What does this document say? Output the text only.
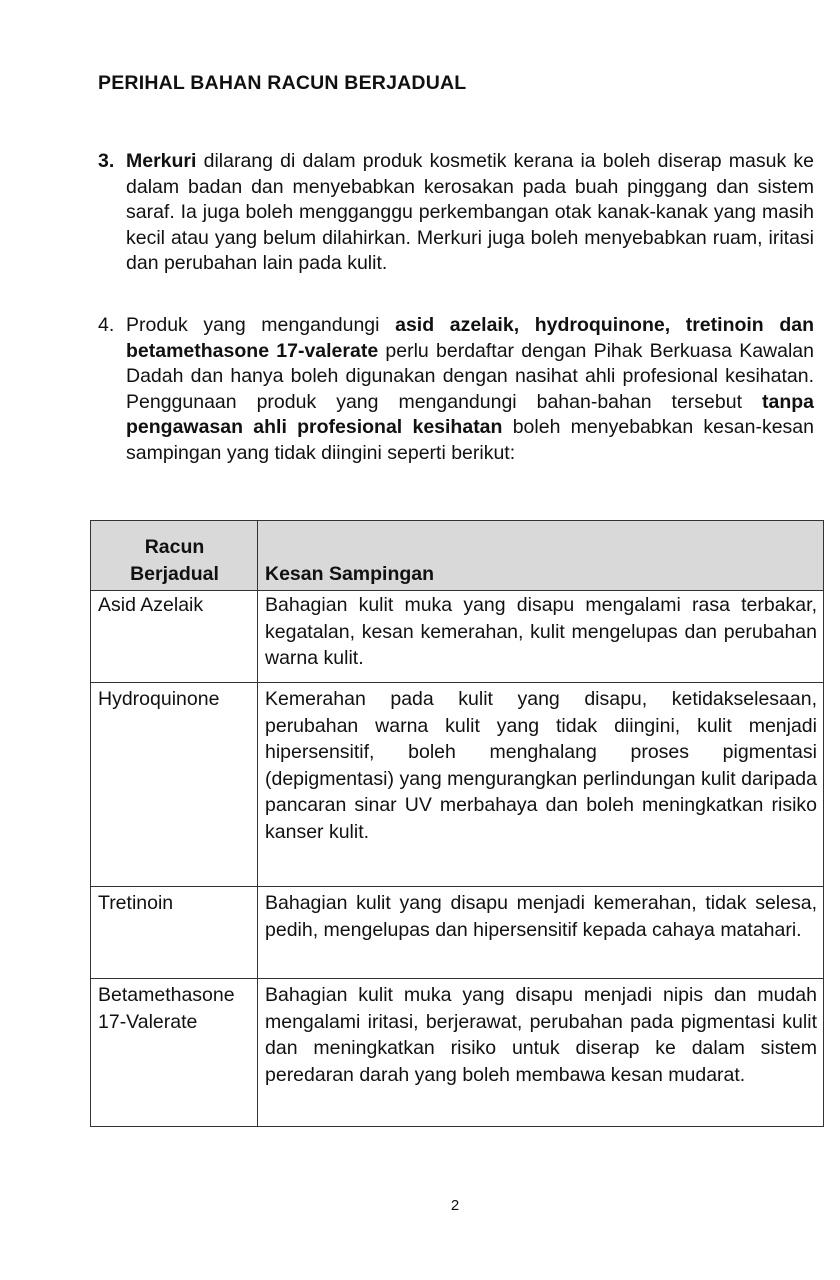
PERIHAL BAHAN RACUN BERJADUAL
3. Merkuri dilarang di dalam produk kosmetik kerana ia boleh diserap masuk ke dalam badan dan menyebabkan kerosakan pada buah pinggang dan sistem saraf. Ia juga boleh mengganggu perkembangan otak kanak-kanak yang masih kecil atau yang belum dilahirkan. Merkuri juga boleh menyebabkan ruam, iritasi dan perubahan lain pada kulit.
4. Produk yang mengandungi asid azelaik, hydroquinone, tretinoin dan betamethasone 17-valerate perlu berdaftar dengan Pihak Berkuasa Kawalan Dadah dan hanya boleh digunakan dengan nasihat ahli profesional kesihatan. Penggunaan produk yang mengandungi bahan-bahan tersebut tanpa pengawasan ahli profesional kesihatan boleh menyebabkan kesan-kesan sampingan yang tidak diingini seperti berikut:
Racun
Berjadual	Kesan Sampingan
Asid Azelaik	Bahagian kulit muka yang disapu mengalami rasa terbakar, kegatalan, kesan kemerahan, kulit mengelupas dan perubahan warna kulit.
Hydroquinone	Kemerahan pada kulit yang disapu, ketidakselesaan, perubahan warna kulit yang tidak diingini, kulit menjadi hipersensitif, boleh menghalang proses pigmentasi (depigmentasi) yang mengurangkan perlindungan kulit daripada pancaran sinar UV merbahaya dan boleh meningkatkan risiko kanser kulit.
Tretinoin	Bahagian kulit yang disapu menjadi kemerahan, tidak selesa, pedih, mengelupas dan hipersensitif kepada cahaya matahari.
Betamethasone
17-Valerate	Bahagian kulit muka yang disapu menjadi nipis dan mudah mengalami iritasi, berjerawat, perubahan pada pigmentasi kulit dan meningkatkan risiko untuk diserap ke dalam sistem peredaran darah yang boleh membawa kesan mudarat.
2
